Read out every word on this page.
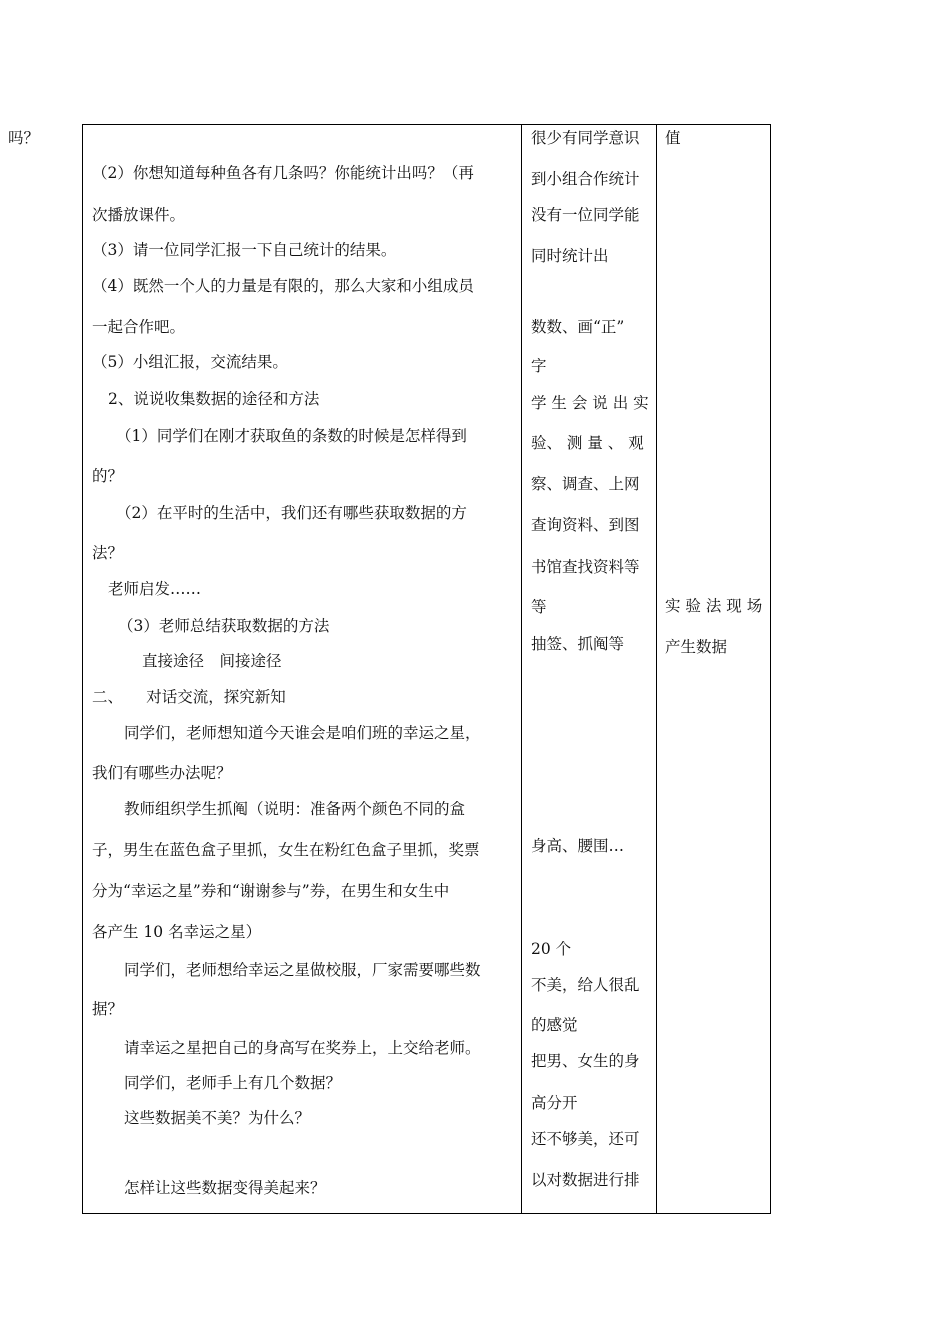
吗？
（2）你想知道每种鱼各有几条吗？你能统计出吗？（再
次播放课件。
（3）请一位同学汇报一下自己统计的结果。
（4）既然一个人的力量是有限的，那么大家和小组成员
一起合作吧。
（5）小组汇报，交流结果。
2、说说收集数据的途径和方法
（1）同学们在刚才获取鱼的条数的时候是怎样得到
的？
（2）在平时的生活中，我们还有哪些获取数据的方
法？
老师启发……
（3）老师总结获取数据的方法
直接途径　间接途径
二、　　对话交流，探究新知
同学们，老师想知道今天谁会是咱们班的幸运之星，
我们有哪些办法呢？
教师组织学生抓阄（说明：准备两个颜色不同的盒
子，男生在蓝色盒子里抓，女生在粉红色盒子里抓，奖票
分为“幸运之星”券和“谢谢参与”券，在男生和女生中
各产生 10 名幸运之星）
同学们，老师想给幸运之星做校服，厂家需要哪些数
据？
请幸运之星把自己的身高写在奖券上，上交给老师。
同学们，老师手上有几个数据？
这些数据美不美？为什么？
怎样让这些数据变得美起来？
很少有同学意识
到小组合作统计
没有一位同学能
同时统计出
数数、画“正”
字
学 生 会 说 出 实
验、 测 量 、 观
察、调查、上网
查询资料、到图
书馆查找资料等
等
抽签、抓阄等
身高、腰围…
20 个
不美，给人很乱
的感觉
把男、女生的身
高分开
还不够美，还可
以对数据进行排
值
实 验 法 现 场
产生数据
